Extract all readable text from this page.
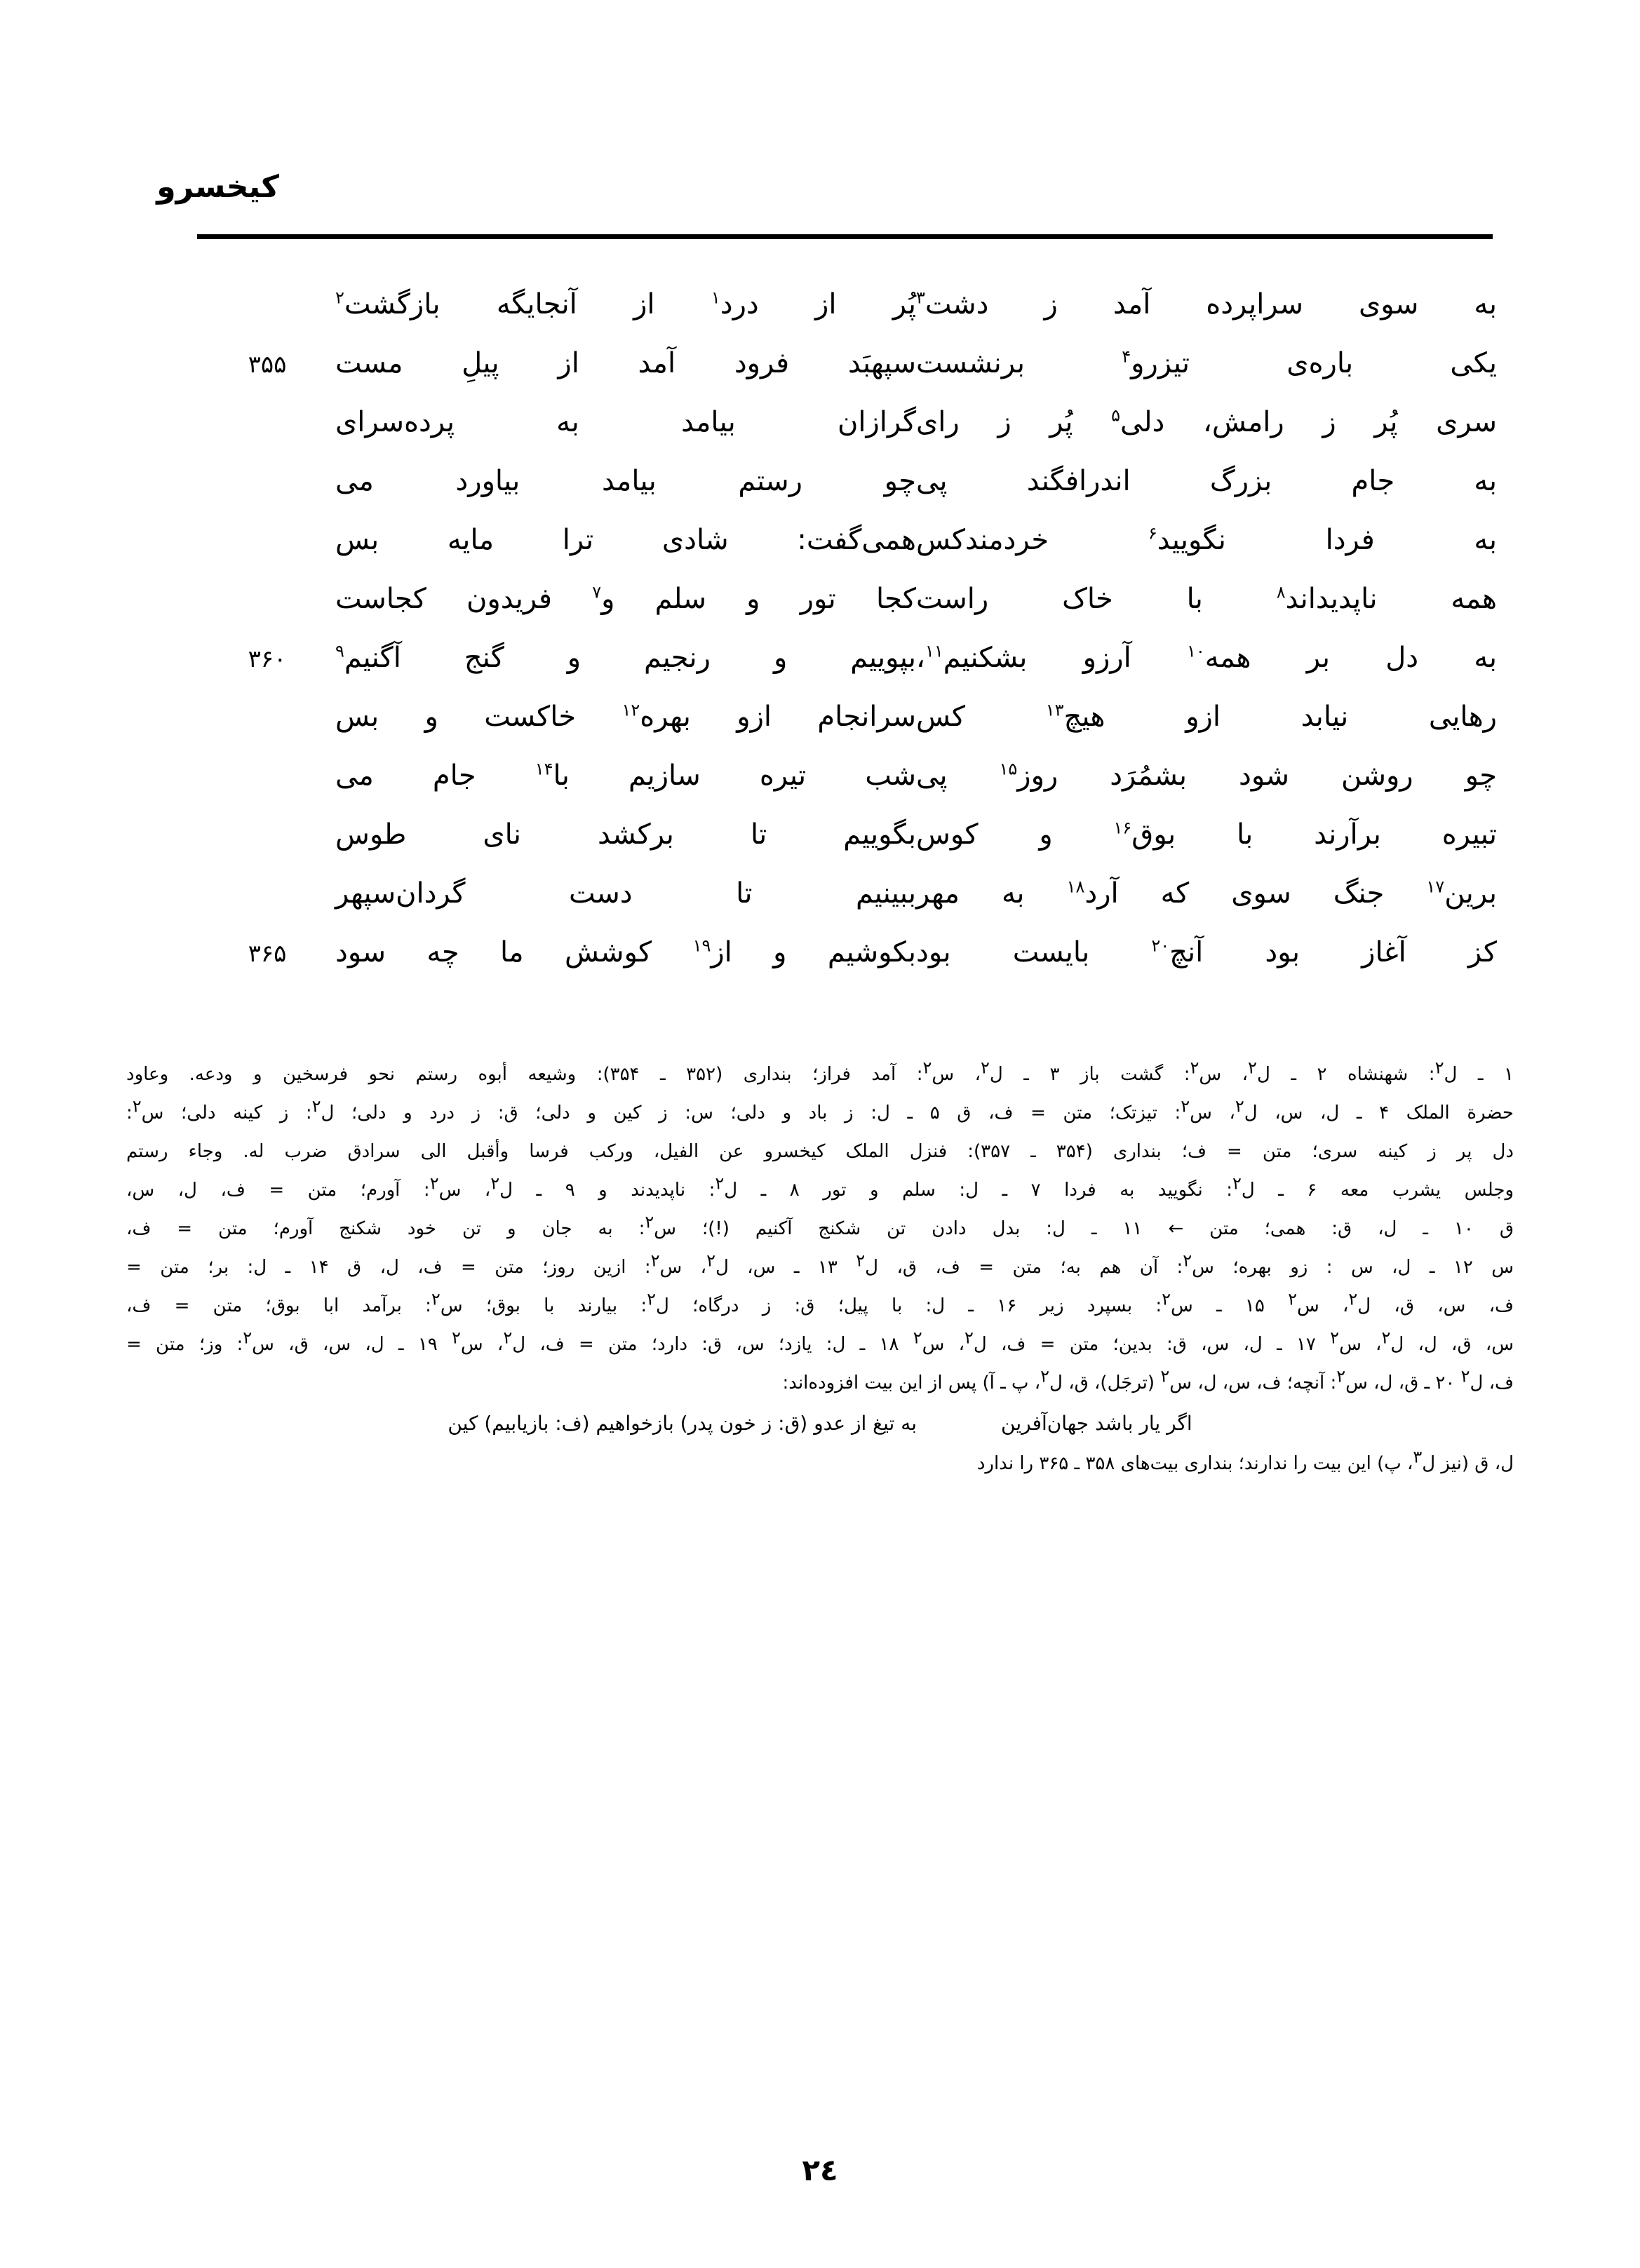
کیخسرو
به سوی سراپرده آمد ز دشت$^۳$
پُر از درد$^۱$ از آنجایگه بازگشت$^۲$
یکی باره‌ی تیزرو$^۴$ برنشست
سپهبَد فرود آمد از پیلِ مست
۳۵۵
سری پُر ز رامش، دلی$^۵$ پُر ز رای
گرازان بیامد به پرده‌سرای
به جام بزرگ اندرافگند پی
چو رستم بیامد بیاورد می
به فردا نگویید$^۶$ خردمندکس
همی‌گفت: شادی ترا مایه بس
همه ناپدیداند$^۸$ با خاک راست
کجا تور و سلم و$^۷$ فریدون کجاست
به دل بر همه$^{۱۰}$ آرزو بشکنیم$^{۱۱}$،
بپوییم و رنجیم و گنج آگنیم$^۹$
۳۶۰
رهایی نیابد ازو هیچ$^{۱۳}$ کس
سرانجام ازو بهره$^{۱۲}$ خاکست و بس
چو روشن شود بشمُرَد روز$^{۱۵}$ پی
شب تیره سازیم با$^{۱۴}$ جام می
تبیره برآرند با بوق$^{۱۶}$ و کوس
بگوییم تا برکشد نای طوس
برین$^{۱۷}$ جنگ سوی که آرد$^{۱۸}$ به مهر
ببینیم تا دست گردان‌سپهر
کز آغاز بود آنچ$^{۲۰}$ بایست بود
بکوشیم و از$^{۱۹}$ کوشش ما چه سود
۳۶۵
۱ ـ ل۲: شهنشاه ۲ ـ ل۲، س۲: گشت باز ۳ ـ ل۲، س۲: آمد فراز؛ بنداری (۳۵۲ ـ ۳۵۴): وشیعه أبوه رستم نحو فرسخین و ودعه. وعاود
حضرة الملک ۴ ـ ل، س، ل۲، س۲: تیزتک؛ متن = ف، ق ۵ ـ ل: ز باد و دلی؛ س: ز کین و دلی؛ ق: ز درد و دلی؛ ل۲: ز کینه دلی؛ س۲:
دل پر ز کینه سری؛ متن = ف؛ بنداری (۳۵۴ ـ ۳۵۷): فنزل الملک کیخسرو عن الفیل، ورکب فرسا وأقبل الی سرادق ضرب له. وجاء رستم
وجلس یشرب معه ۶ ـ ل۲: نگویید به فردا ۷ ـ ل: سلم و تور ۸ ـ ل۲: ناپدیدند و ۹ ـ ل۲، س۲: آورم؛ متن = ف، ل، س،
ق ۱۰ ـ ل، ق: همی؛ متن ← ۱۱ ـ ل: بدل دادن تن شکنج آکنیم (!)؛ س۲: به جان و تن خود شکنج آورم؛ متن = ف،
س ۱۲ ـ ل، س : زو بهره؛ س۲: آن هم به؛ متن = ف، ق، ل۲ ۱۳ ـ س، ل۲، س۲: ازین روز؛ متن = ف، ل، ق ۱۴ ـ ل: بر؛ متن =
ف، س، ق، ل۲، س۲ ۱۵ ـ س۲: بسپرد زیر ۱۶ ـ ل: با پیل؛ ق: ز درگاه؛ ل۲: بیارند با بوق؛ س۲: برآمد ابا بوق؛ متن = ف،
س، ق، ل، ل۲، س۲ ۱۷ ـ ل، س، ق: بدین؛ متن = ف، ل۲، س۲ ۱۸ ـ ل: یازد؛ س، ق: دارد؛ متن = ف، ل۲، س۲ ۱۹ ـ ل، س، ق، س۲: وز؛ متن =
ف، ل۲ ۲۰ ـ ق، ل، س۲: آنچه؛ ف، س، ل، س۲ (ترجَل)، ق، ل۲، پ ـ آ) پس از این بیت افزوده‌اند:
اگر یار باشد جهان‌آفرین
به تیغ از عدو (ق: ز خون پدر) بازخواهیم (ف: بازیابیم) کین
ل، ق (نیز ل۳، پ) این بیت را ندارند؛ بنداری بیت‌های ۳۵۸ ـ ۳۶۵ را ندارد
۲٤
